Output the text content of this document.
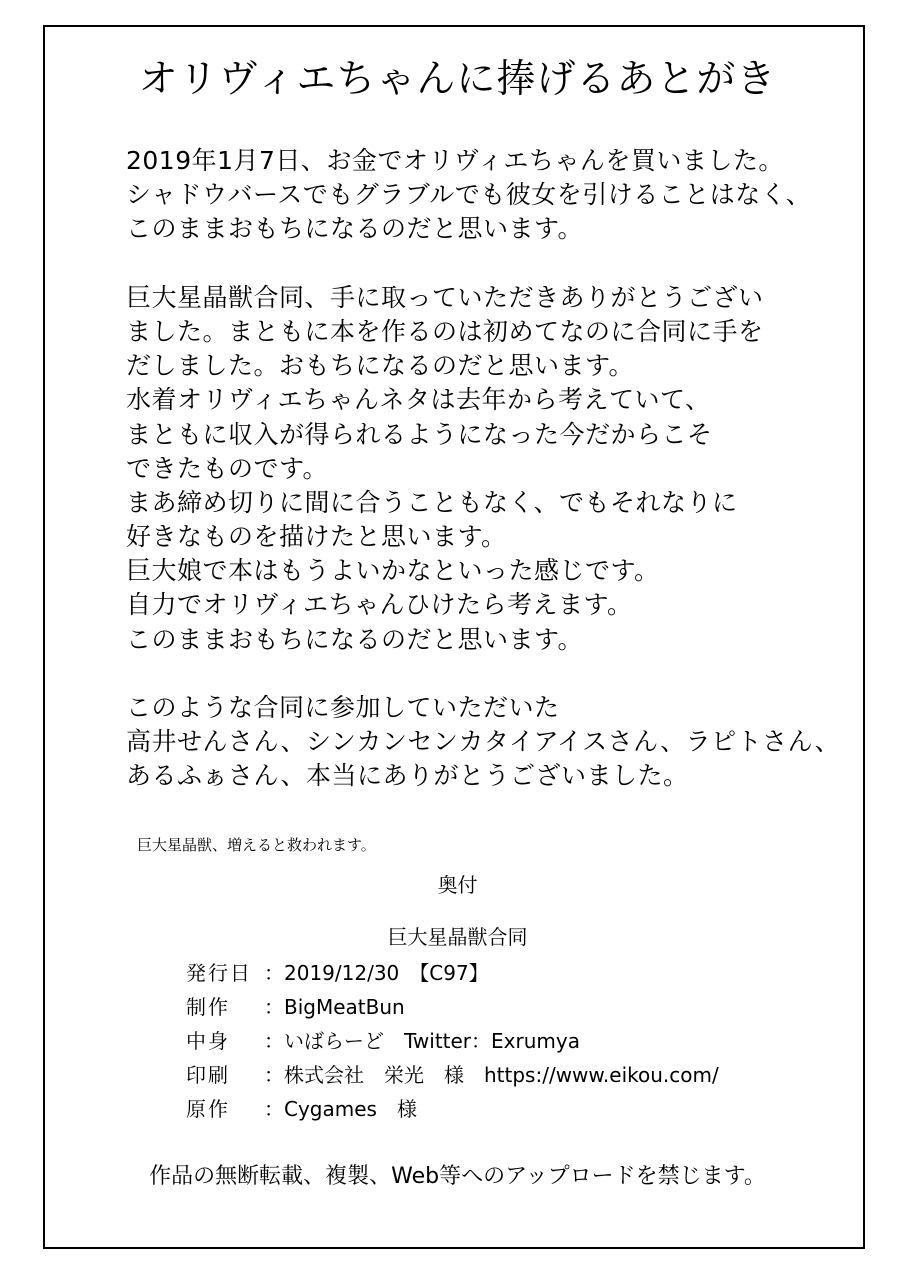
オリヴィエちゃんに捧げるあとがき
2019年1月7日、お金でオリヴィエちゃんを買いました。
シャドウバースでもグラブルでも彼女を引けることはなく、
このままおもちになるのだと思います。
巨大星晶獣合同、手に取っていただきありがとうござい
ました。まともに本を作るのは初めてなのに合同に手を
だしました。おもちになるのだと思います。
水着オリヴィエちゃんネタは去年から考えていて、
まともに収入が得られるようになった今だからこそ
できたものです。
まあ締め切りに間に合うこともなく、でもそれなりに
好きなものを描けたと思います。
巨大娘で本はもうよいかなといった感じです。
自力でオリヴィエちゃんひけたら考えます。
このままおもちになるのだと思います。
このような合同に参加していただいた
高井せんさん、シンカンセンカタイアイスさん、ラピトさん、
あるふぁさん、本当にありがとうございました。
巨大星晶獣、増えると救われます。
奥付
巨大星晶獣合同
発行日 ：2019/12/30　【C97】
制作	：BigMeatBun
中身	：いばらーど　Twitter：Exrumya
印刷	：株式会社　栄光　様　https://www.eikou.com/
原作	：Cygames　様
作品の無断転載、複製、Web等へのアップロードを禁じます。
